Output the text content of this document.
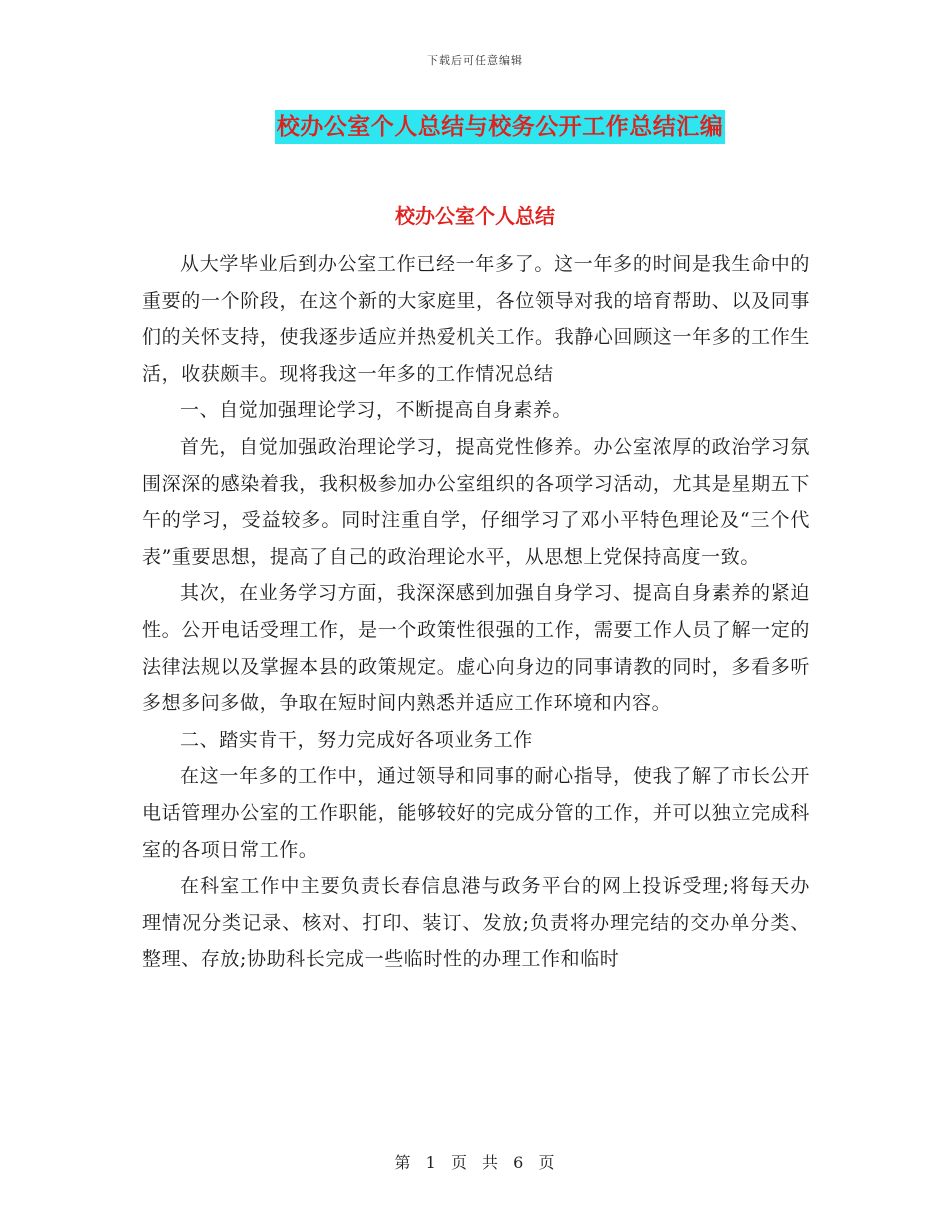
下载后可任意编辑
校办公室个人总结与校务公开工作总结汇编
校办公室个人总结

从大学毕业后到办公室工作已经一年多了。这一年多的时间是我生命中的重要的一个阶段，在这个新的大家庭里，各位领导对我的培育帮助、以及同事们的关怀支持，使我逐步适应并热爱机关工作。我静心回顾这一年多的工作生活，收获颇丰。现将我这一年多的工作情况总结

一、自觉加强理论学习，不断提高自身素养。

首先，自觉加强政治理论学习，提高党性修养。办公室浓厚的政治学习氛围深深的感染着我，我积极参加办公室组织的各项学习活动，尤其是星期五下午的学习，受益较多。同时注重自学，仔细学习了邓小平特色理论及“三个代表”重要思想，提高了自己的政治理论水平，从思想上党保持高度一致。

其次，在业务学习方面，我深深感到加强自身学习、提高自身素养的紧迫性。公开电话受理工作，是一个政策性很强的工作，需要工作人员了解一定的法律法规以及掌握本县的政策规定。虚心向身边的同事请教的同时，多看多听多想多问多做，争取在短时间内熟悉并适应工作环境和内容。

二、踏实肯干，努力完成好各项业务工作

在这一年多的工作中，通过领导和同事的耐心指导，使我了解了市长公开电话管理办公室的工作职能，能够较好的完成分管的工作，并可以独立完成科室的各项日常工作。

在科室工作中主要负责长春信息港与政务平台的网上投诉受理;将每天办理情况分类记录、核对、打印、装订、发放;负责将办理完结的交办单分类、整理、存放;协助科长完成一些临时性的办理工作和临时

第 1 页 共 6 页
